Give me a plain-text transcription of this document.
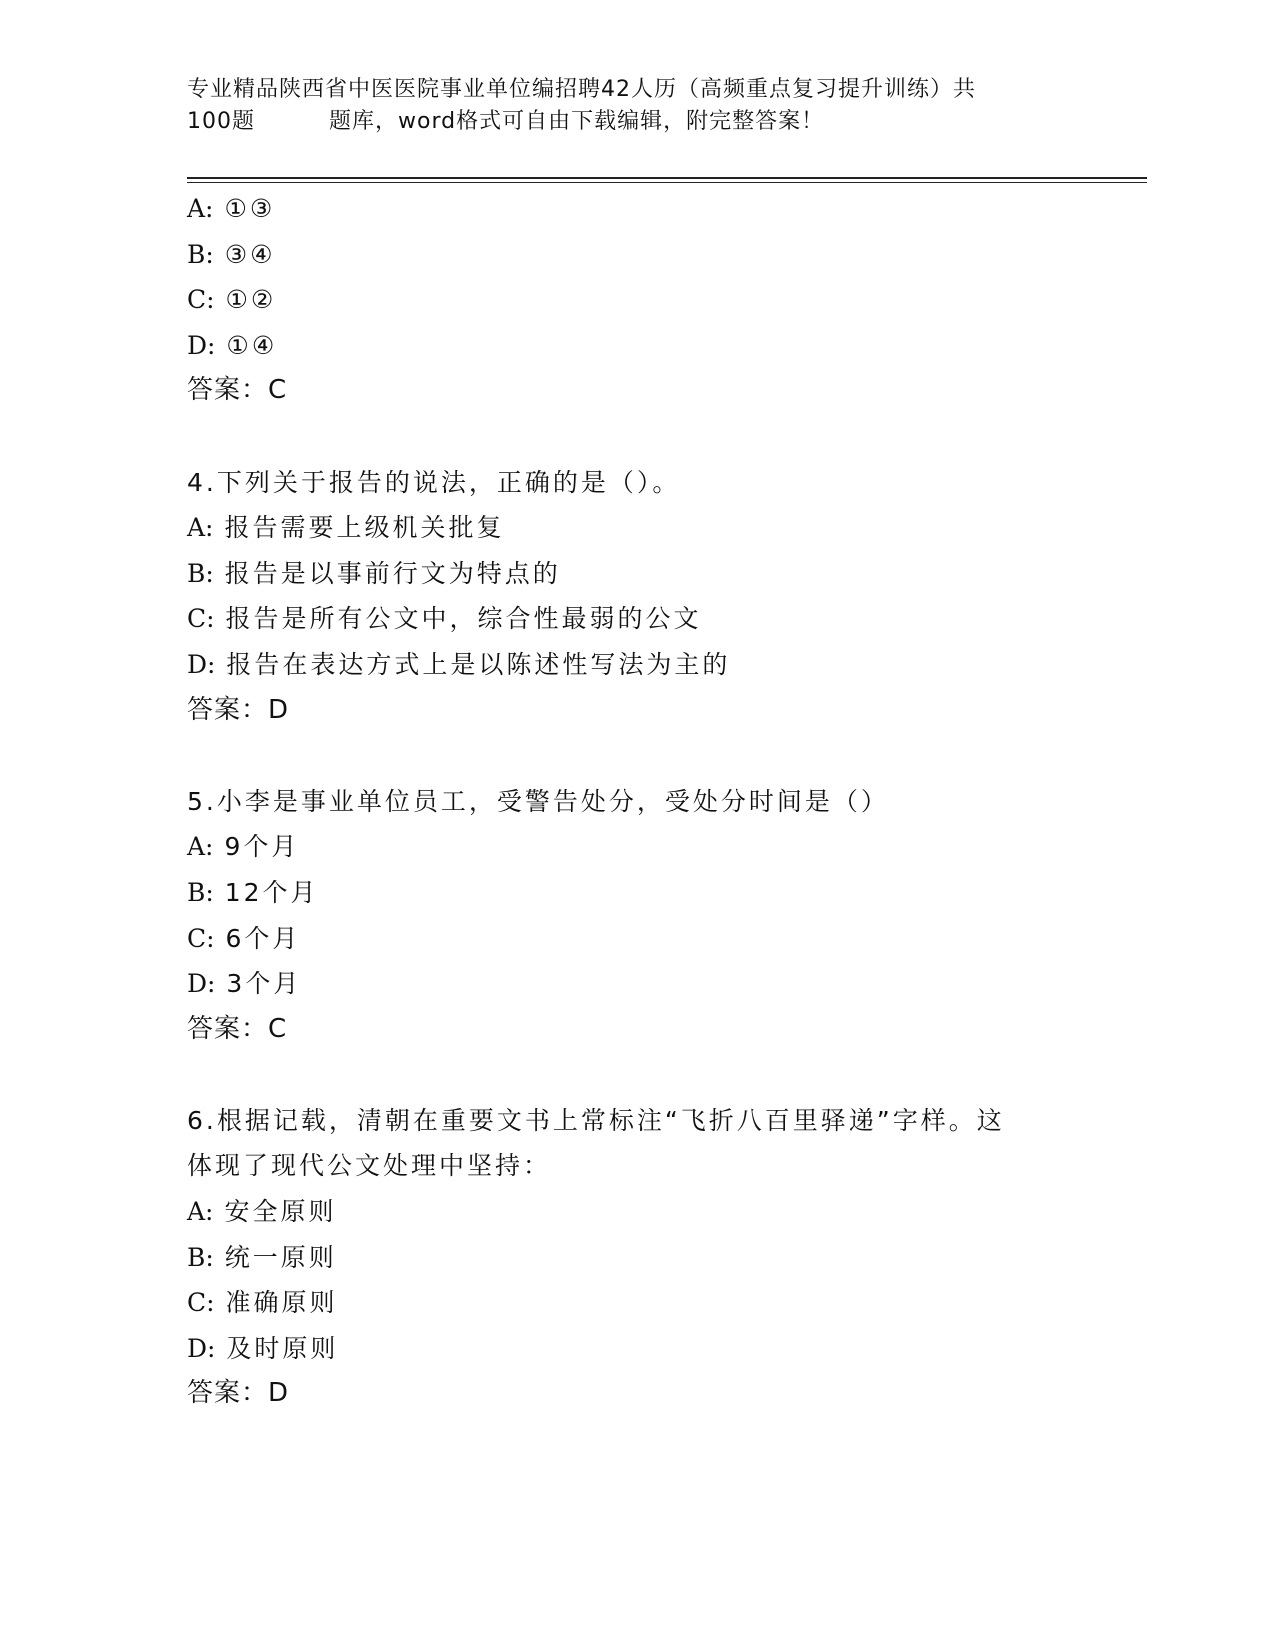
专业精品陕西省中医医院事业单位编招聘42人历（高频重点复习提升训练）共
100题	题库，word格式可自由下载编辑，附完整答案！
A: ①③
B: ③④
C: ①②
D: ①④
答案：C
4.下列关于报告的说法，正确的是（）。
A: 报告需要上级机关批复
B: 报告是以事前行文为特点的
C: 报告是所有公文中，综合性最弱的公文
D: 报告在表达方式上是以陈述性写法为主的
答案：D
5.小李是事业单位员工，受警告处分，受处分时间是（）
A: 9个月
B: 12个月
C: 6个月
D: 3个月
答案：C
6.根据记载，清朝在重要文书上常标注“飞折八百里驿递”字样。这
体现了现代公文处理中坚持：
A: 安全原则
B: 统一原则
C: 准确原则
D: 及时原则
答案：D
